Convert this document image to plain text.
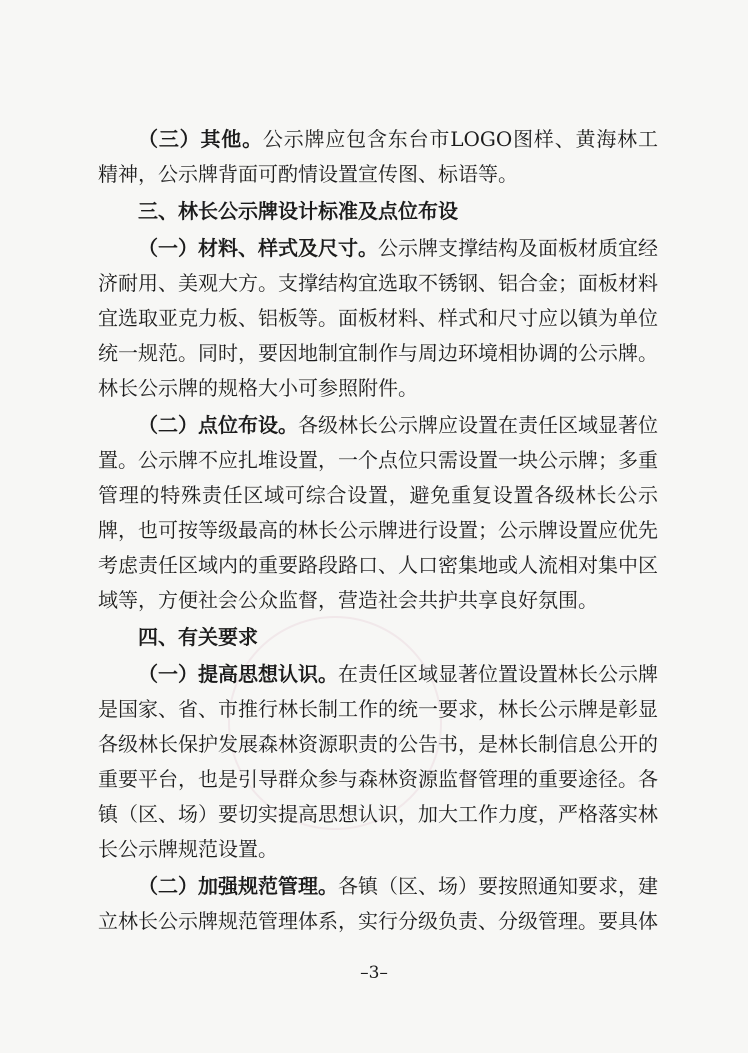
（三）其他。公示牌应包含东台市LOGO图样、黄海林工精神，公示牌背面可酌情设置宣传图、标语等。

三、林长公示牌设计标准及点位布设

（一）材料、样式及尺寸。公示牌支撑结构及面板材质宜经济耐用、美观大方。支撑结构宜选取不锈钢、铝合金；面板材料宜选取亚克力板、铝板等。面板材料、样式和尺寸应以镇为单位统一规范。同时，要因地制宜制作与周边环境相协调的公示牌。林长公示牌的规格大小可参照附件。

（二）点位布设。各级林长公示牌应设置在责任区域显著位置。公示牌不应扎堆设置，一个点位只需设置一块公示牌；多重管理的特殊责任区域可综合设置，避免重复设置各级林长公示牌，也可按等级最高的林长公示牌进行设置；公示牌设置应优先考虑责任区域内的重要路段路口、人口密集地或人流相对集中区域等，方便社会公众监督，营造社会共护共享良好氛围。

四、有关要求

（一）提高思想认识。在责任区域显著位置设置林长公示牌是国家、省、市推行林长制工作的统一要求，林长公示牌是彰显各级林长保护发展森林资源职责的公告书，是林长制信息公开的重要平台，也是引导群众参与森林资源监督管理的重要途径。各镇（区、场）要切实提高思想认识，加大工作力度，严格落实林长公示牌规范设置。

（二）加强规范管理。各镇（区、场）要按照通知要求，建立林长公示牌规范管理体系，实行分级负责、分级管理。要具体

–3–
